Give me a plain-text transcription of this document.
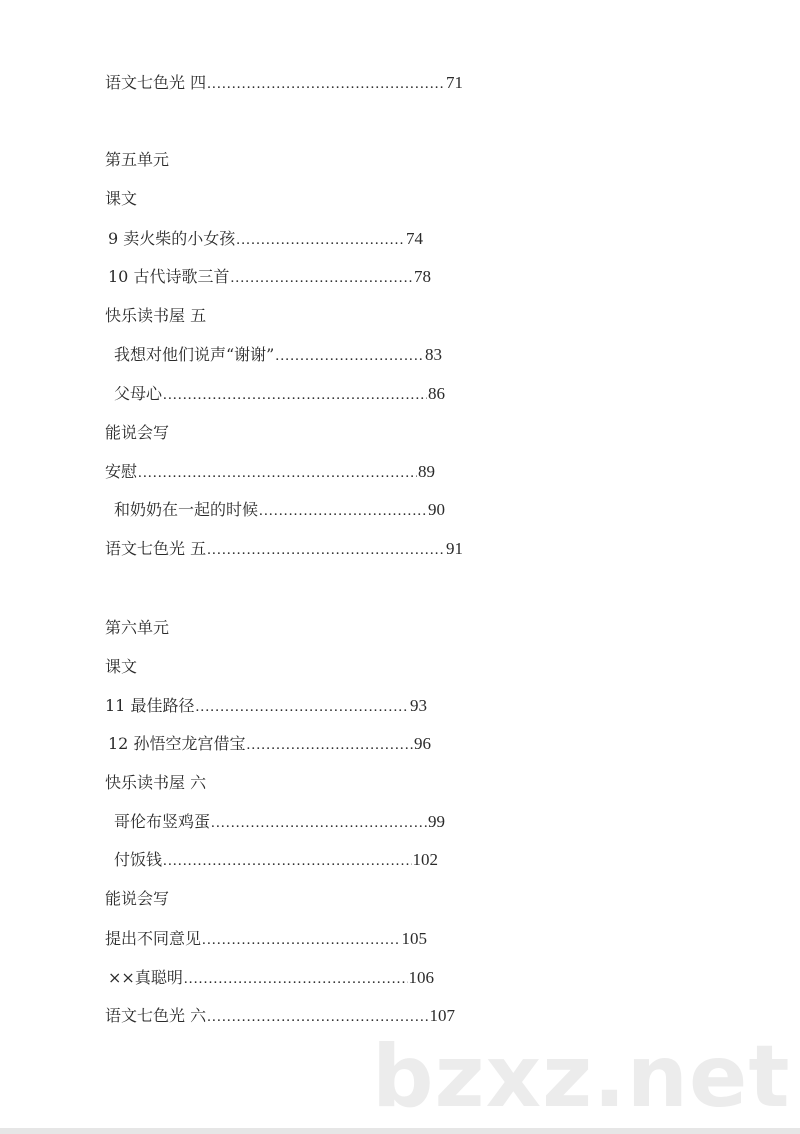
bzxz.net
语文七色光 四 .....	71
第五单元
课文
9 卖火柴的小女孩 .....	74
10 古代诗歌三首 .....	78
快乐读书屋 五
我想对他们说声“谢谢” .....	83
父母心 .....	86
能说会写
安慰 .....	89
和奶奶在一起的时候 .....	90
语文七色光 五 .....	91
第六单元
课文
11 最佳路径 .....	93
12 孙悟空龙宫借宝 .....	96
快乐读书屋 六
哥伦布竖鸡蛋 .....	99
付饭钱 .....	102
能说会写
提出不同意见 .....	105
××真聪明 .....	106
语文七色光 六 .....	107
